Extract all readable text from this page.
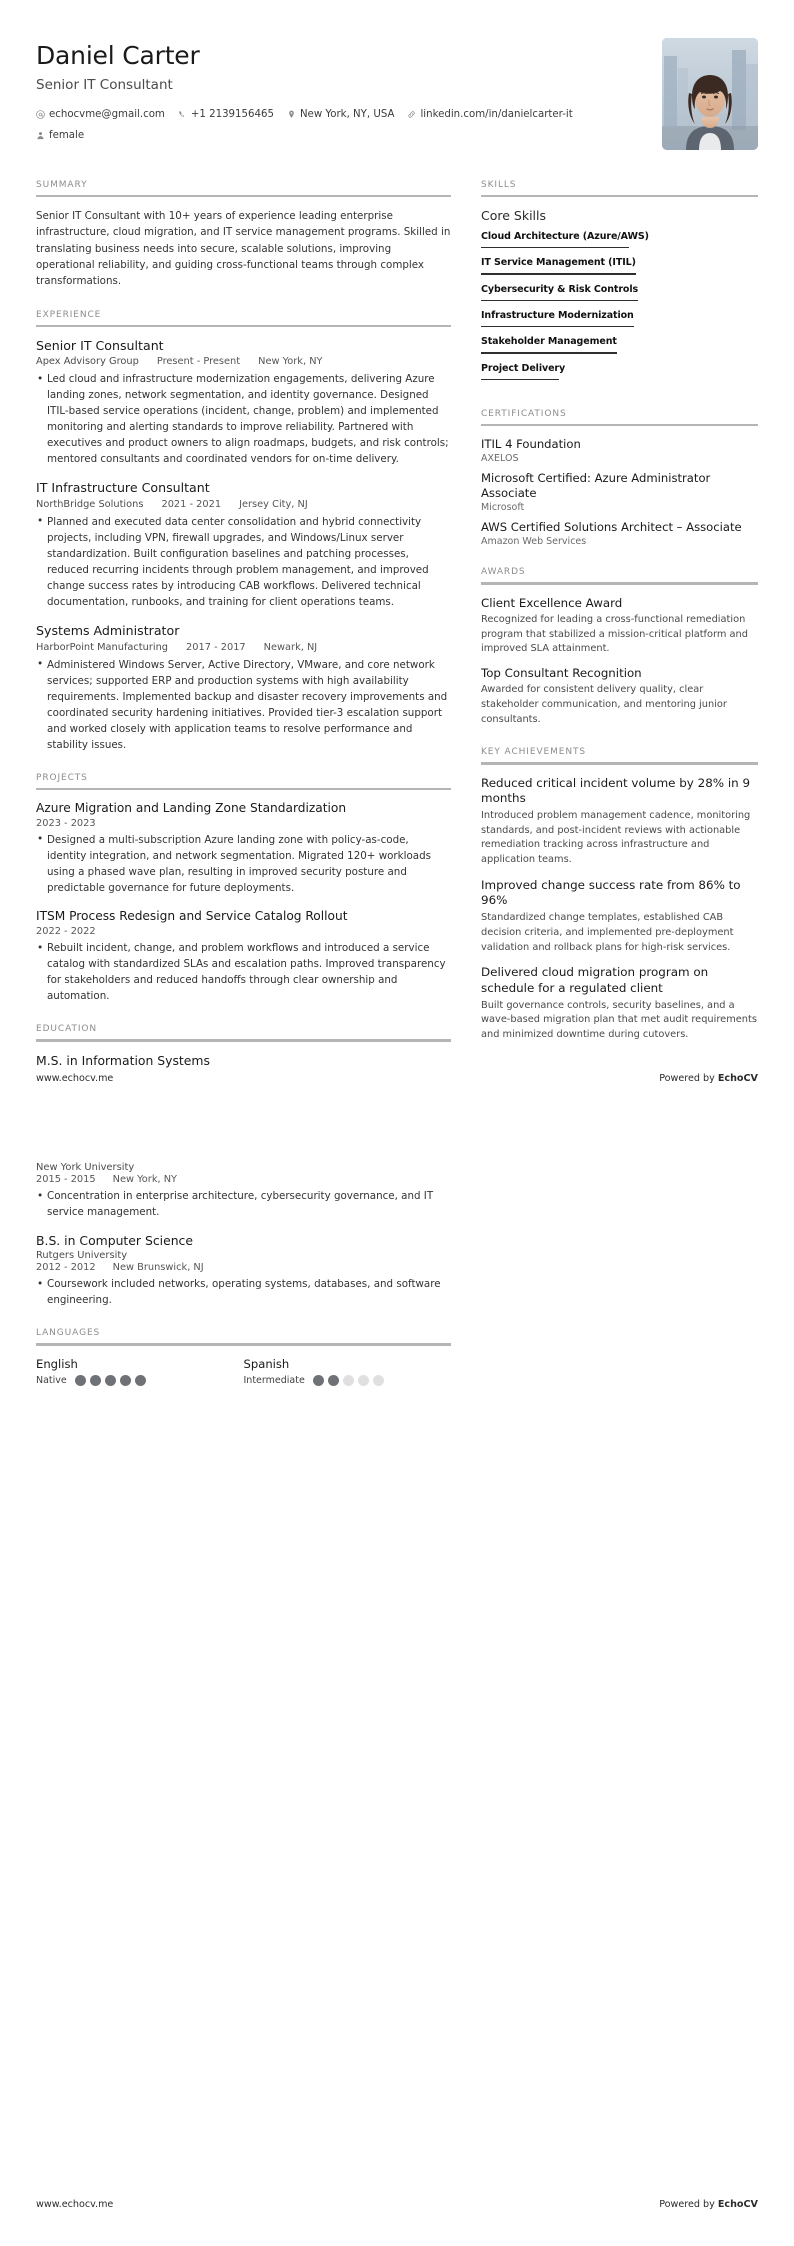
Daniel Carter
Senior IT Consultant
echocvme@gmail.com	+1 2139156465	New York, NY, USA	linkedin.com/in/danielcarter-it
female
SUMMARY
Senior IT Consultant with 10+ years of experience leading enterprise infrastructure, cloud migration, and IT service management programs. Skilled in translating business needs into secure, scalable solutions, improving operational reliability, and guiding cross-functional teams through complex transformations.
EXPERIENCE
Senior IT Consultant
Apex Advisory Group Present - Present New York, NY
• Led cloud and infrastructure modernization engagements, delivering Azure landing zones, network segmentation, and identity governance. Designed ITIL-based service operations (incident, change, problem) and implemented monitoring and alerting standards to improve reliability. Partnered with executives and product owners to align roadmaps, budgets, and risk controls; mentored consultants and coordinated vendors for on-time delivery.
IT Infrastructure Consultant
NorthBridge Solutions 2021 - 2021 Jersey City, NJ
• Planned and executed data center consolidation and hybrid connectivity projects, including VPN, firewall upgrades, and Windows/Linux server standardization. Built configuration baselines and patching processes, reduced recurring incidents through problem management, and improved change success rates by introducing CAB workflows. Delivered technical documentation, runbooks, and training for client operations teams.
Systems Administrator
HarborPoint Manufacturing 2017 - 2017 Newark, NJ
• Administered Windows Server, Active Directory, VMware, and core network services; supported ERP and production systems with high availability requirements. Implemented backup and disaster recovery improvements and coordinated security hardening initiatives. Provided tier-3 escalation support and worked closely with application teams to resolve performance and stability issues.
PROJECTS
Azure Migration and Landing Zone Standardization
2023 - 2023
• Designed a multi-subscription Azure landing zone with policy-as-code, identity integration, and network segmentation. Migrated 120+ workloads using a phased wave plan, resulting in improved security posture and predictable governance for future deployments.
ITSM Process Redesign and Service Catalog Rollout
2022 - 2022
• Rebuilt incident, change, and problem workflows and introduced a service catalog with standardized SLAs and escalation paths. Improved transparency for stakeholders and reduced handoffs through clear ownership and automation.
EDUCATION
M.S. in Information Systems
SKILLS
Core Skills
Cloud Architecture (Azure/AWS)
IT Service Management (ITIL)
Cybersecurity & Risk Controls
Infrastructure Modernization
Stakeholder Management
Project Delivery
CERTIFICATIONS
ITIL 4 Foundation
AXELOS
Microsoft Certified: Azure Administrator Associate
Microsoft
AWS Certified Solutions Architect – Associate
Amazon Web Services
AWARDS
Client Excellence Award
Recognized for leading a cross-functional remediation program that stabilized a mission-critical platform and improved SLA attainment.
Top Consultant Recognition
Awarded for consistent delivery quality, clear stakeholder communication, and mentoring junior consultants.
KEY ACHIEVEMENTS
Reduced critical incident volume by 28% in 9 months
Introduced problem management cadence, monitoring standards, and post-incident reviews with actionable remediation tracking across infrastructure and application teams.
Improved change success rate from 86% to 96%
Standardized change templates, established CAB decision criteria, and implemented pre-deployment validation and rollback plans for high-risk services.
Delivered cloud migration program on schedule for a regulated client
Built governance controls, security baselines, and a wave-based migration plan that met audit requirements and minimized downtime during cutovers.
www.echocv.me	Powered by EchoCV
New York University
2015 - 2015 New York, NY
• Concentration in enterprise architecture, cybersecurity governance, and IT service management.
B.S. in Computer Science
Rutgers University
2012 - 2012 New Brunswick, NJ
• Coursework included networks, operating systems, databases, and software engineering.
LANGUAGES
English
Native
Spanish
Intermediate
www.echocv.me	Powered by EchoCV
